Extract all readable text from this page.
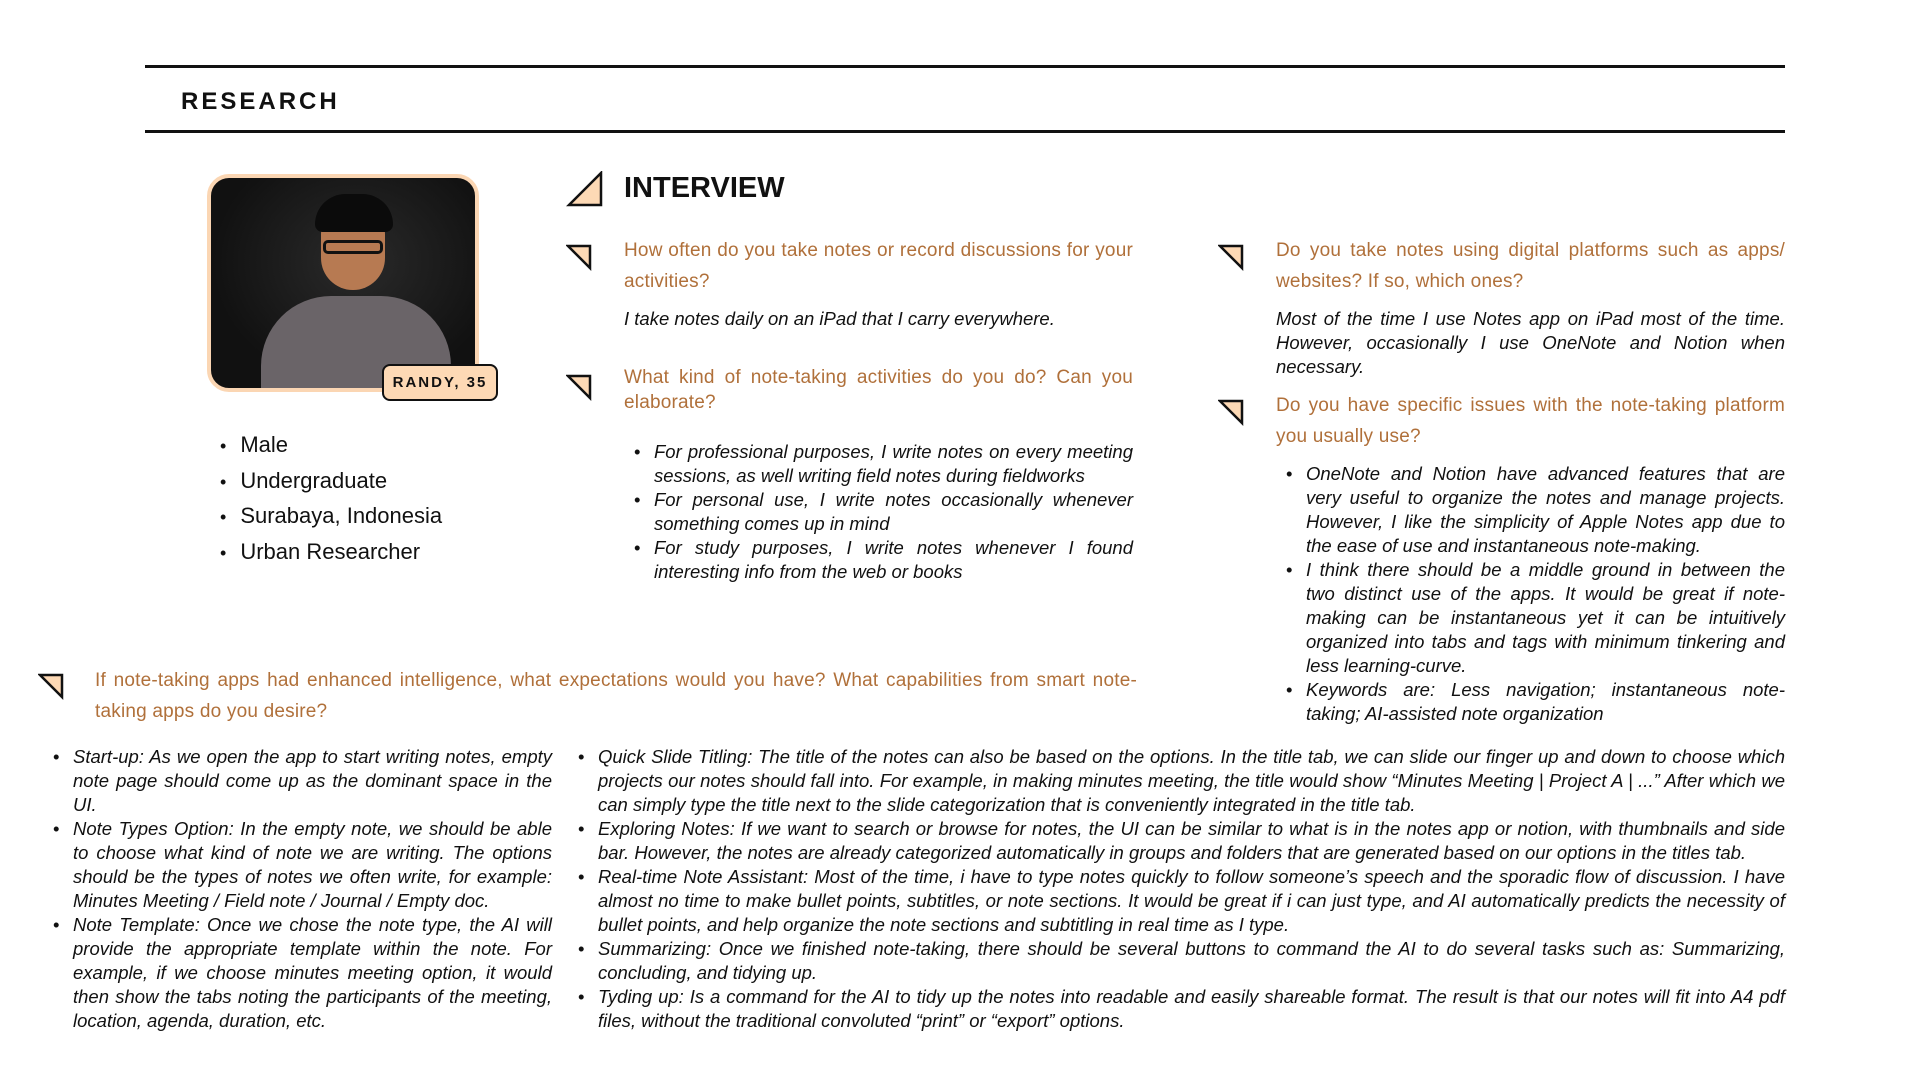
RESEARCH
RANDY, 35
• Male
• Undergraduate
• Surabaya, Indonesia
• Urban Researcher
INTERVIEW
How often do you take notes or record discussions for your activities?
I take notes daily on an iPad that I carry everywhere.
What kind of note-taking activities do you do? Can you elaborate?
• For professional purposes, I write notes on every meeting sessions, as well writing field notes during fieldworks
• For personal use, I write notes occasionally whenever something comes up in mind
• For study purposes, I write notes whenever I found interesting info from the web or books
Do you take notes using digital platforms such as apps/ websites? If so, which ones?
Most of the time I use Notes app on iPad most of the time. However, occasionally I use OneNote and Notion when necessary.
Do you have specific issues with the note-taking platform you usually use?
• OneNote and Notion have advanced features that are very useful to organize the notes and manage projects. However, I like the simplicity of Apple Notes app due to the ease of use and instantaneous note-making.
• I think there should be a middle ground in between the two distinct use of the apps. It would be great if note-making can be instantaneous yet it can be intuitively organized into tabs and tags with minimum tinkering and less learning-curve.
• Keywords are: Less navigation; instantaneous note-taking; AI-assisted note organization
If note-taking apps had enhanced intelligence, what expectations would you have? What capabilities from smart note-taking apps do you desire?
• Start-up: As we open the app to start writing notes, empty note page should come up as the dominant space in the UI.
• Note Types Option: In the empty note, we should be able to choose what kind of note we are writing. The options should be the types of notes we often write, for example: Minutes Meeting / Field note / Journal / Empty doc.
• Note Template: Once we chose the note type, the AI will provide the appropriate template within the note. For example, if we choose minutes meeting option, it would then show the tabs noting the participants of the meeting, location, agenda, duration, etc.
• Quick Slide Titling: The title of the notes can also be based on the options. In the title tab, we can slide our finger up and down to choose which projects our notes should fall into. For example, in making minutes meeting, the title would show “Minutes Meeting | Project A | ...” After which we can simply type the title next to the slide categorization that is conveniently integrated in the title tab.
• Exploring Notes: If we want to search or browse for notes, the UI can be similar to what is in the notes app or notion, with thumbnails and side bar. However, the notes are already categorized automatically in groups and folders that are generated based on our options in the titles tab.
• Real-time Note Assistant: Most of the time, i have to type notes quickly to follow someone’s speech and the sporadic flow of discussion. I have almost no time to make bullet points, subtitles, or note sections. It would be great if i can just type, and AI automatically predicts the necessity of bullet points, and help organize the note sections and subtitling in real time as I type.
• Summarizing: Once we finished note-taking, there should be several buttons to command the AI to do several tasks such as: Summarizing, concluding, and tidying up.
• Tyding up: Is a command for the AI to tidy up the notes into readable and easily shareable format. The result is that our notes will fit into A4 pdf files, without the traditional convoluted “print” or “export” options.
